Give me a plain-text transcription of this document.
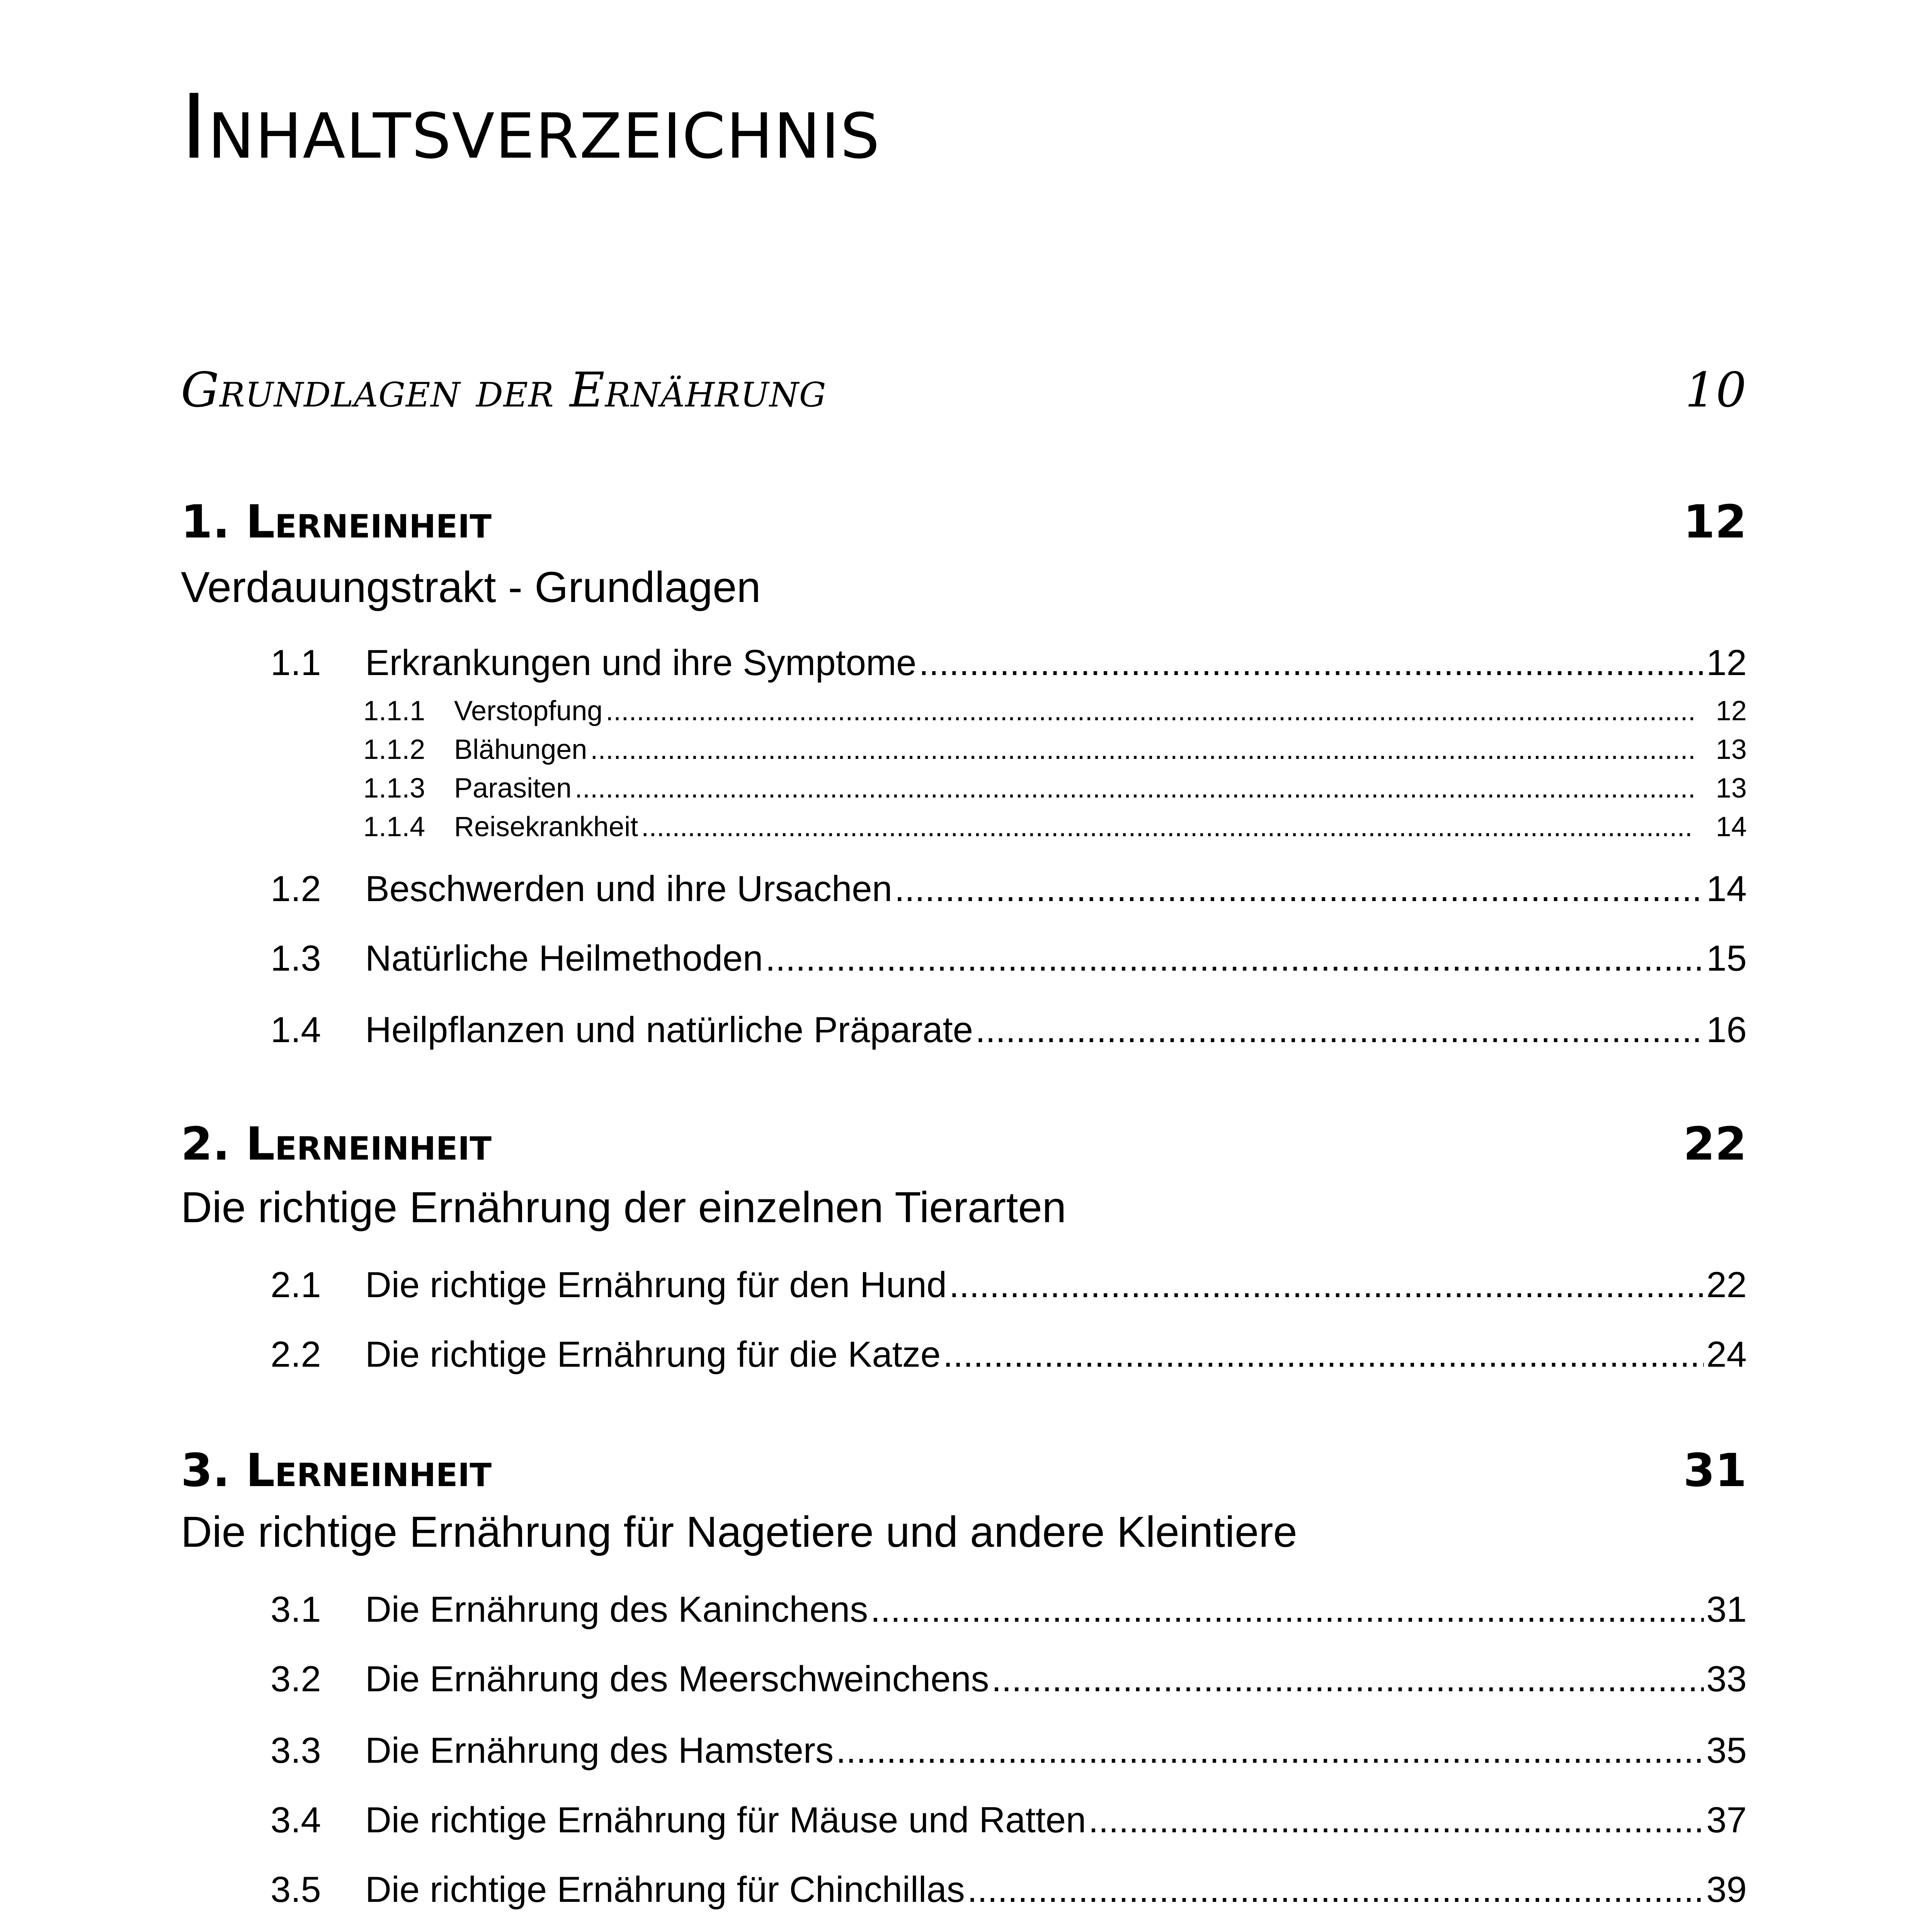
Inhaltsverzeichnis
Grundlagen der Ernährung	10
1. Lerneinheit	12
Verdauungstrakt - Grundlagen
1.1 Erkrankungen und ihre Symptome .....	12
1.1.1 Verstopfung .....	12
1.1.2 Blähungen .....	13
1.1.3 Parasiten .....	13
1.1.4 Reisekrankheit .....	14
1.2 Beschwerden und ihre Ursachen .....	14
1.3 Natürliche Heilmethoden .....	15
1.4 Heilpflanzen und natürliche Präparate .....	16
2. Lerneinheit	22
Die richtige Ernährung der einzelnen Tierarten
2.1 Die richtige Ernährung für den Hund .....	22
2.2 Die richtige Ernährung für die Katze .....	24
3. Lerneinheit	31
Die richtige Ernährung für Nagetiere und andere Kleintiere
3.1 Die Ernährung des Kaninchens .....	31
3.2 Die Ernährung des Meerschweinchens .....	33
3.3 Die Ernährung des Hamsters .....	35
3.4 Die richtige Ernährung für Mäuse und Ratten .....	37
3.5 Die richtige Ernährung für Chinchillas .....	39
